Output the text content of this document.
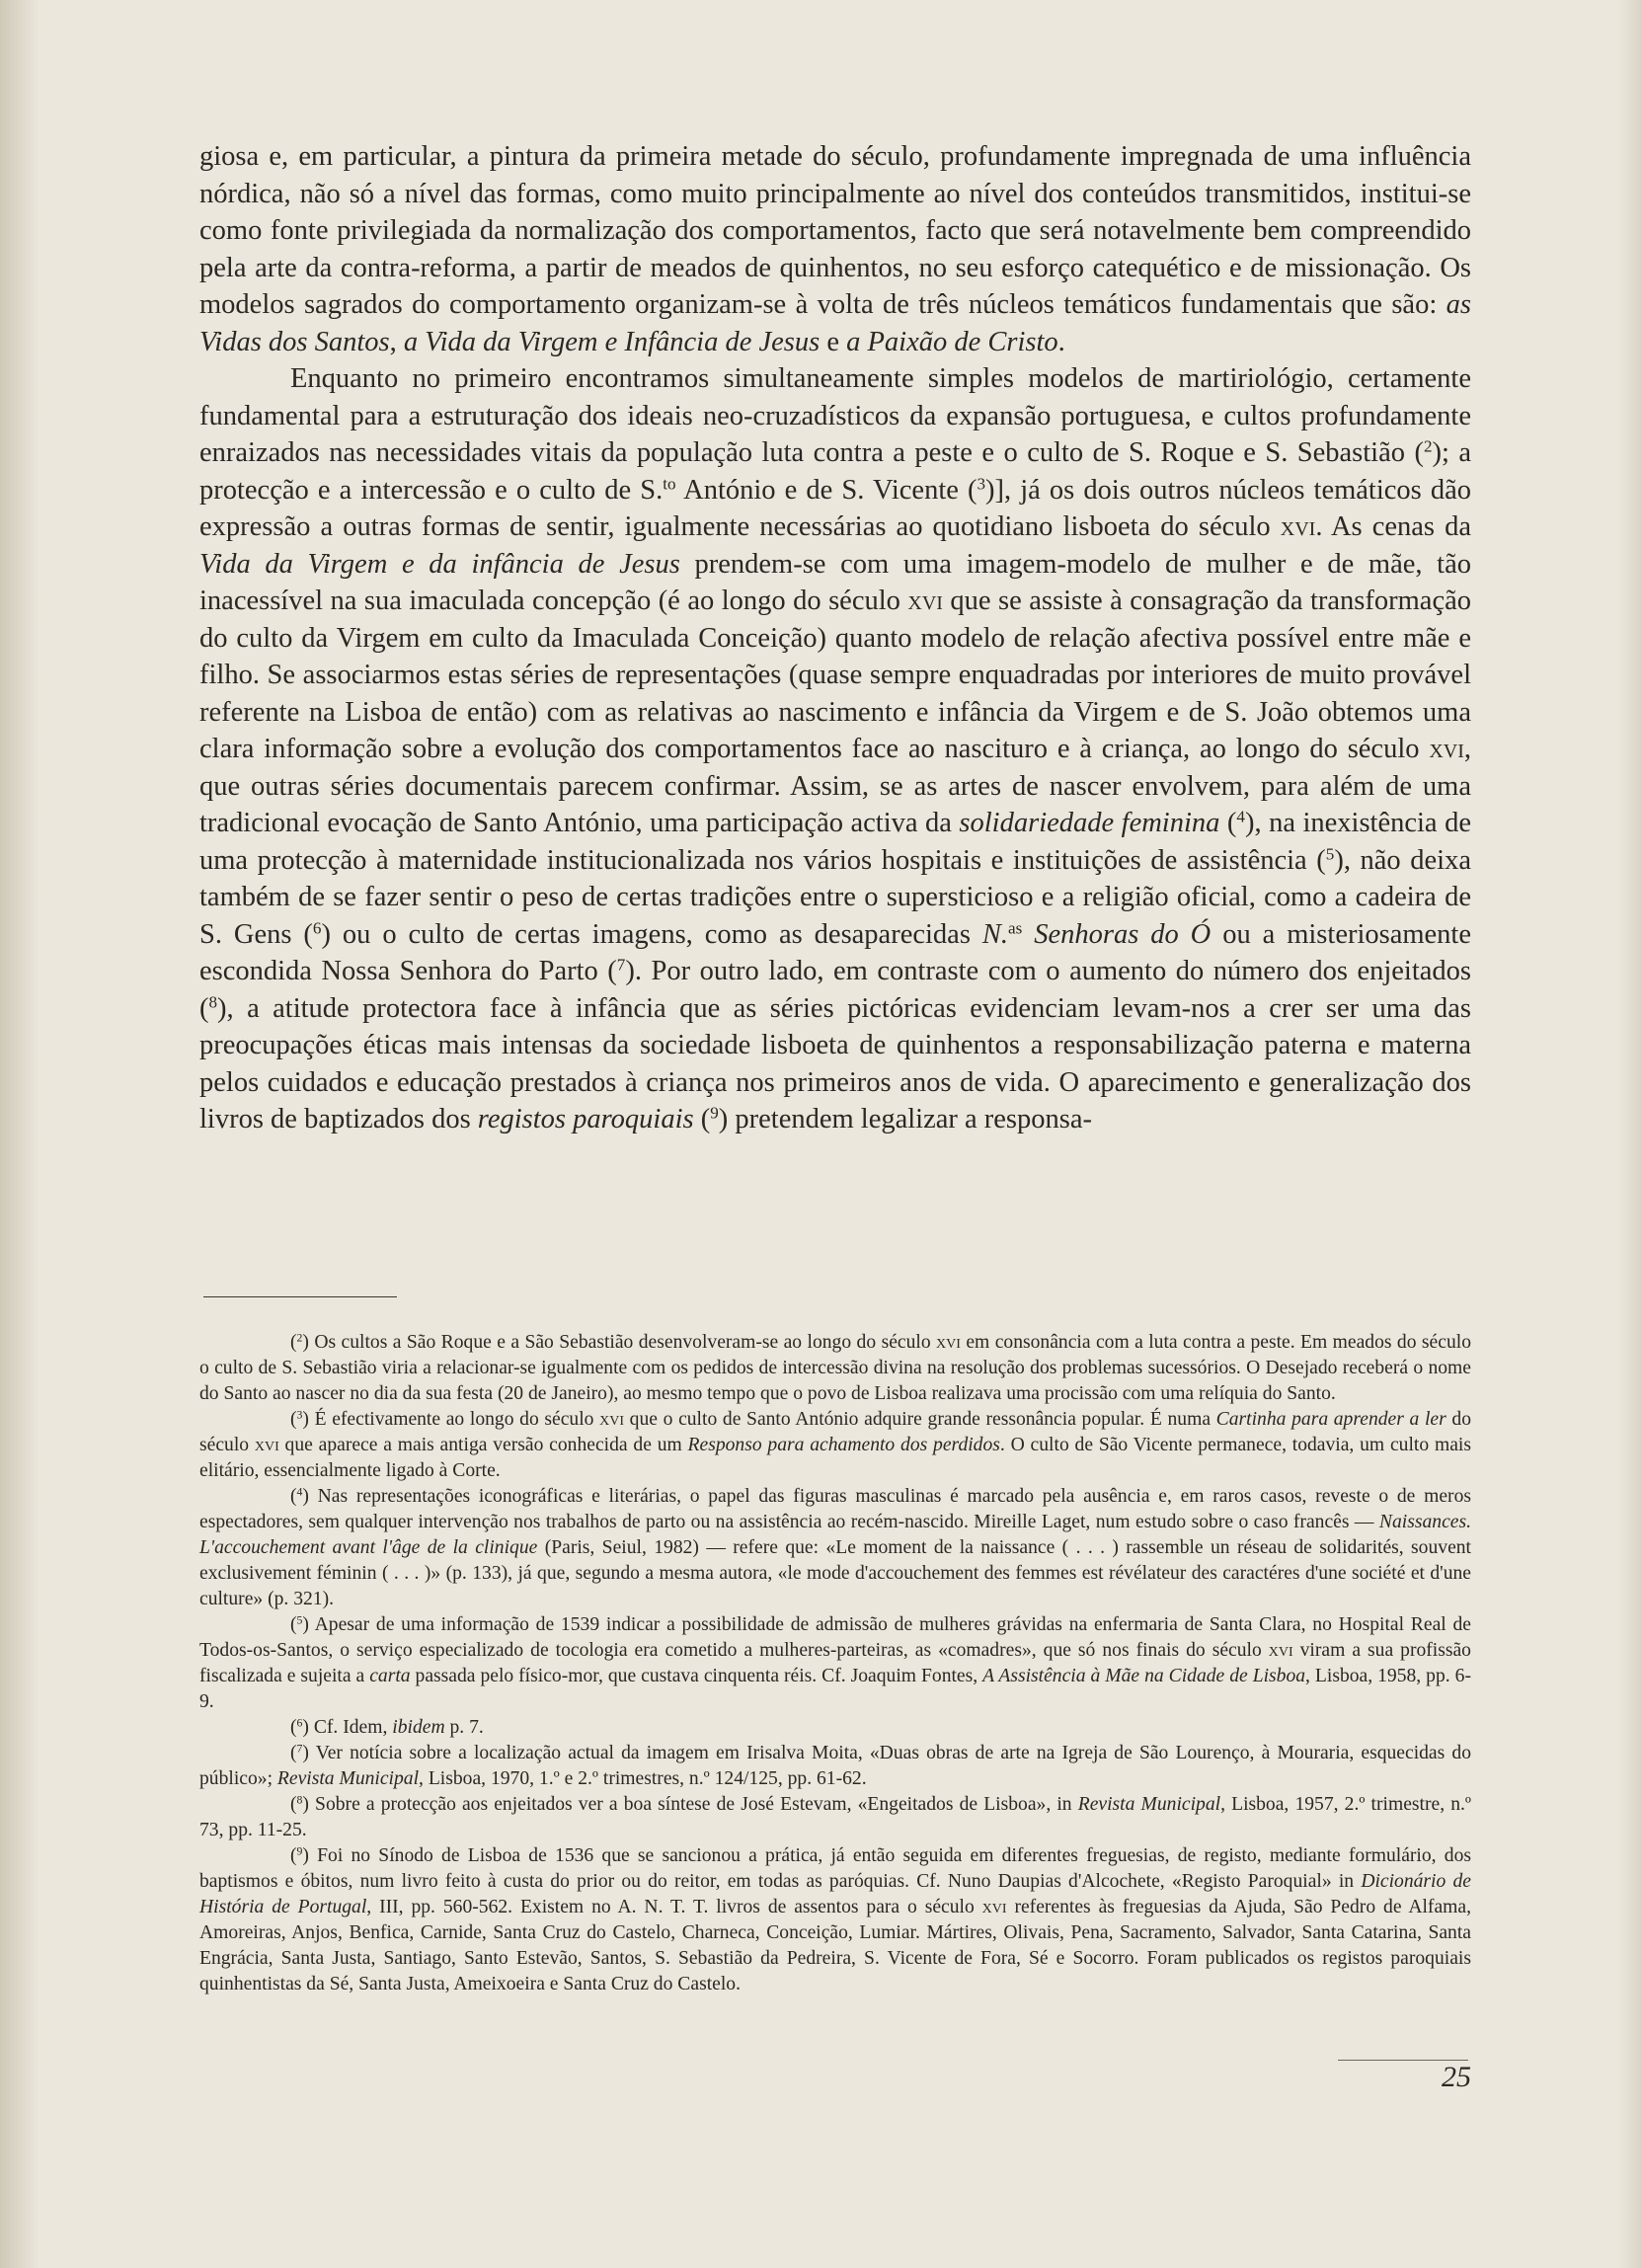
giosa e, em particular, a pintura da primeira metade do século, profundamente impregnada de uma influência nórdica, não só a nível das formas, como muito principalmente ao nível dos conteúdos transmitidos, institui-se como fonte privilegiada da normalização dos comportamentos, facto que será notavelmente bem compreendido pela arte da contra-reforma, a partir de meados de quinhentos, no seu esforço catequético e de missionação. Os modelos sagrados do comportamento organizam-se à volta de três núcleos temáticos fundamentais que são: as Vidas dos Santos, a Vida da Virgem e Infância de Jesus e a Paixão de Cristo.

Enquanto no primeiro encontramos simultaneamente simples modelos de martiriológio, certamente fundamental para a estruturação dos ideais neo-cruzadísticos da expansão portuguesa, e cultos profundamente enraizados nas necessidades vitais da população luta contra a peste e o culto de S. Roque e S. Sebastião ($^2$); a protecção e a intercessão e o culto de S.$^{to}$ António e de S. Vicente ($^3$)], já os dois outros núcleos temáticos dão expressão a outras formas de sentir, igualmente necessárias ao quotidiano lisboeta do século xvi. As cenas da Vida da Virgem e da infância de Jesus prendem-se com uma imagem-modelo de mulher e de mãe, tão inacessível na sua imaculada concepção (é ao longo do século xvi que se assiste à consagração da transformação do culto da Virgem em culto da Imaculada Conceição) quanto modelo de relação afectiva possível entre mãe e filho. Se associarmos estas séries de representações (quase sempre enquadradas por interiores de muito provável referente na Lisboa de então) com as relativas ao nascimento e infância da Virgem e de S. João obtemos uma clara informação sobre a evolução dos comportamentos face ao nascituro e à criança, ao longo do século xvi, que outras séries documentais parecem confirmar. Assim, se as artes de nascer envolvem, para além de uma tradicional evocação de Santo António, uma participação activa da solidariedade feminina ($^4$), na inexistência de uma protecção à maternidade institucionalizada nos vários hospitais e instituições de assistência ($^5$), não deixa também de se fazer sentir o peso de certas tradições entre o supersticioso e a religião oficial, como a cadeira de S. Gens ($^6$) ou o culto de certas imagens, como as desaparecidas N.$^{as}$ Senhoras do Ó ou a misteriosamente escondida Nossa Senhora do Parto ($^7$). Por outro lado, em contraste com o aumento do número dos enjeitados ($^8$), a atitude protectora face à infância que as séries pictóricas evidenciam levam-nos a crer ser uma das preocupações éticas mais intensas da sociedade lisboeta de quinhentos a responsabilização paterna e materna pelos cuidados e educação prestados à criança nos primeiros anos de vida. O aparecimento e generalização dos livros de baptizados dos registos paroquiais ($^9$) pretendem legalizar a responsa-

($^2$) Os cultos a São Roque e a São Sebastião desenvolveram-se ao longo do século xvi em consonância com a luta contra a peste. Em meados do século o culto de S. Sebastião viria a relacionar-se igualmente com os pedidos de intercessão divina na resolução dos problemas sucessórios. O Desejado receberá o nome do Santo ao nascer no dia da sua festa (20 de Janeiro), ao mesmo tempo que o povo de Lisboa realizava uma procissão com uma relíquia do Santo.

($^3$) É efectivamente ao longo do século xvi que o culto de Santo António adquire grande ressonância popular. É numa Cartinha para aprender a ler do século xvi que aparece a mais antiga versão conhecida de um Responso para achamento dos perdidos. O culto de São Vicente permanece, todavia, um culto mais elitário, essencialmente ligado à Corte.

($^4$) Nas representações iconográficas e literárias, o papel das figuras masculinas é marcado pela ausência e, em raros casos, reveste o de meros espectadores, sem qualquer intervenção nos trabalhos de parto ou na assistência ao recém-nascido. Mireille Laget, num estudo sobre o caso francês — Naissances. L'accouchement avant l'âge de la clinique (Paris, Seiul, 1982) — refere que: «Le moment de la naissance ( . . . ) rassemble un réseau de solidarités, souvent exclusivement féminin ( . . . )» (p. 133), já que, segundo a mesma autora, «le mode d'accouchement des femmes est révélateur des caractéres d'une société et d'une culture» (p. 321).

($^5$) Apesar de uma informação de 1539 indicar a possibilidade de admissão de mulheres grávidas na enfermaria de Santa Clara, no Hospital Real de Todos-os-Santos, o serviço especializado de tocologia era cometido a mulheres-parteiras, as «comadres», que só nos finais do século xvi viram a sua profissão fiscalizada e sujeita a carta passada pelo físico-mor, que custava cinquenta réis. Cf. Joaquim Fontes, A Assistência à Mãe na Cidade de Lisboa, Lisboa, 1958, pp. 6-9.

($^6$) Cf. Idem, ibidem p. 7.

($^7$) Ver notícia sobre a localização actual da imagem em Irisalva Moita, «Duas obras de arte na Igreja de São Lourenço, à Mouraria, esquecidas do público»; Revista Municipal, Lisboa, 1970, 1.º e 2.º trimestres, n.º 124/125, pp. 61-62.

($^8$) Sobre a protecção aos enjeitados ver a boa síntese de José Estevam, «Engeitados de Lisboa», in Revista Municipal, Lisboa, 1957, 2.º trimestre, n.º 73, pp. 11-25.

($^9$) Foi no Sínodo de Lisboa de 1536 que se sancionou a prática, já então seguida em diferentes freguesias, de registo, mediante formulário, dos baptismos e óbitos, num livro feito à custa do prior ou do reitor, em todas as paróquias. Cf. Nuno Daupias d'Alcochete, «Registo Paroquial» in Dicionário de História de Portugal, III, pp. 560-562. Existem no A. N. T. T. livros de assentos para o século xvi referentes às freguesias da Ajuda, São Pedro de Alfama, Amoreiras, Anjos, Benfica, Carnide, Santa Cruz do Castelo, Charneca, Conceição, Lumiar. Mártires, Olivais, Pena, Sacramento, Salvador, Santa Catarina, Santa Engrácia, Santa Justa, Santiago, Santo Estevão, Santos, S. Sebastião da Pedreira, S. Vicente de Fora, Sé e Socorro. Foram publicados os registos paroquiais quinhentistas da Sé, Santa Justa, Ameixoeira e Santa Cruz do Castelo.

25
